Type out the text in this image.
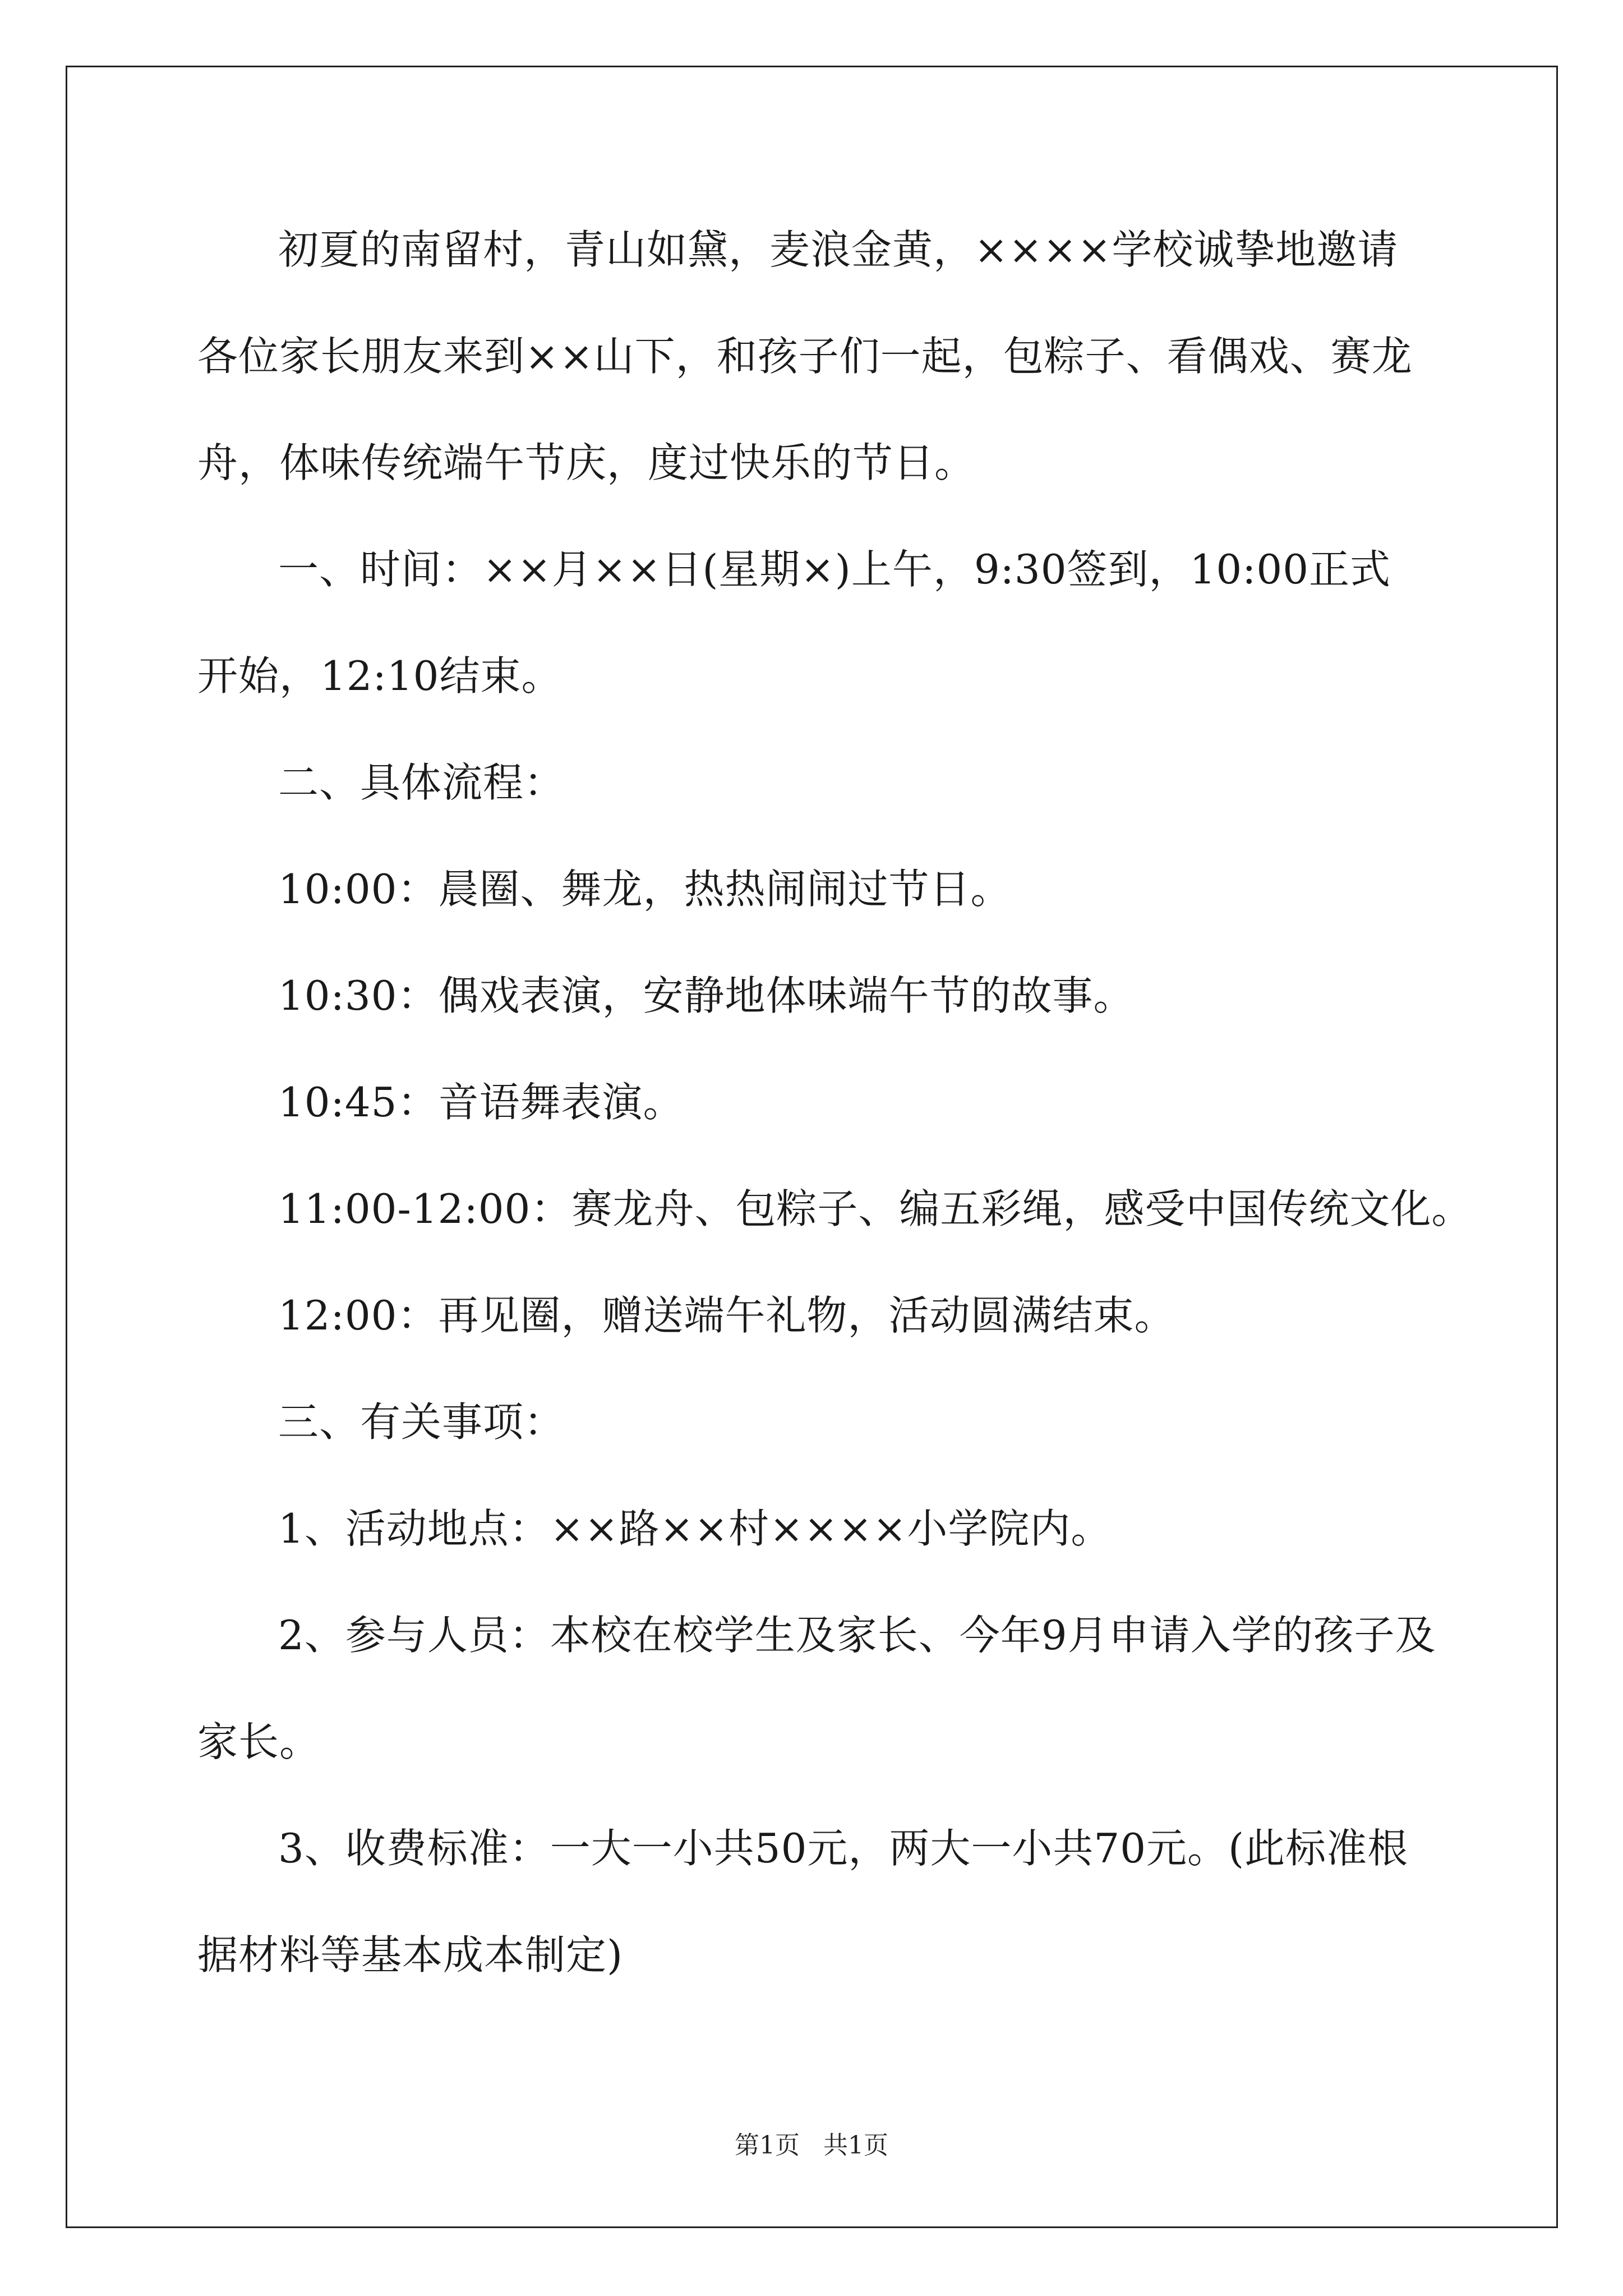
初夏的南留村，青山如黛，麦浪金黄，××××学校诚挚地邀请
各位家长朋友来到××山下，和孩子们一起，包粽子、看偶戏、赛龙
舟，体味传统端午节庆，度过快乐的节日。
一、时间：××月××日(星期×)上午，9:30签到，10:00正式
开始，12:10结束。
二、具体流程：
10:00：晨圈、舞龙，热热闹闹过节日。
10:30：偶戏表演，安静地体味端午节的故事。
10:45：音语舞表演。
11:00-12:00：赛龙舟、包粽子、编五彩绳，感受中国传统文化。
12:00：再见圈，赠送端午礼物，活动圆满结束。
三、有关事项：
1、活动地点：××路××村××××小学院内。
2、参与人员：本校在校学生及家长、今年9月申请入学的孩子及
家长。
3、收费标准：一大一小共50元，两大一小共70元。(此标准根
据材料等基本成本制定)
第1页   共1页
